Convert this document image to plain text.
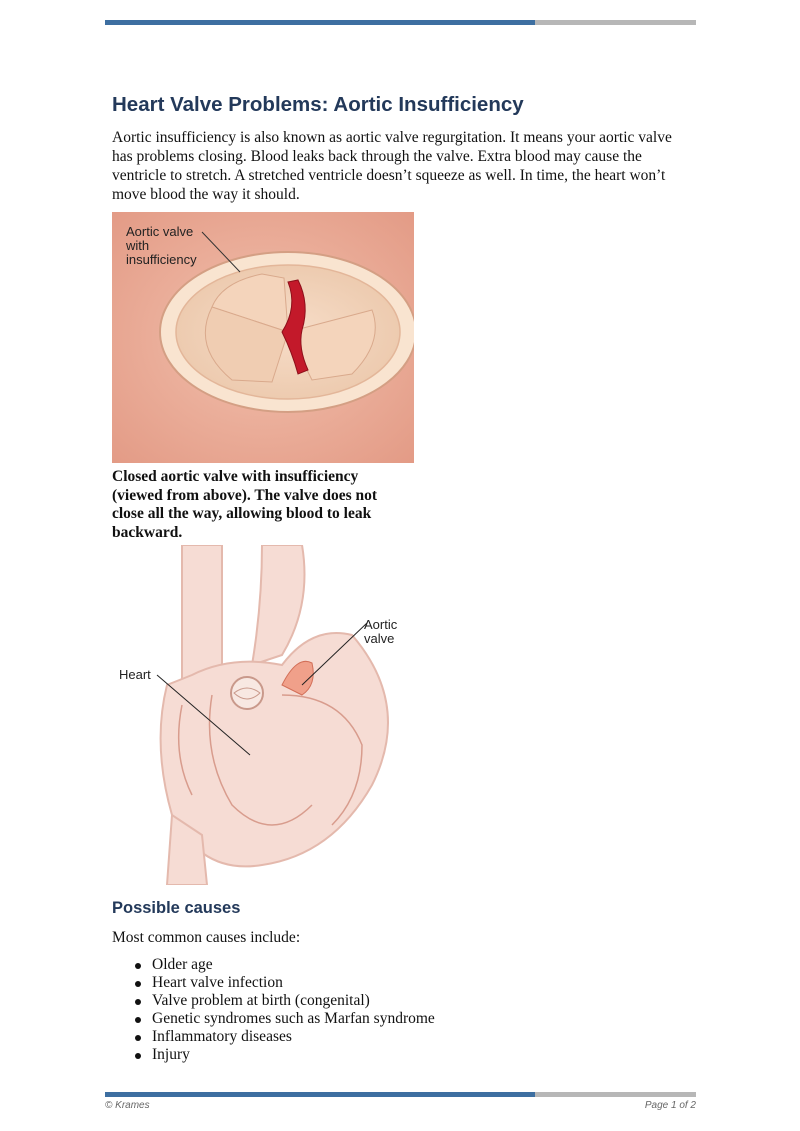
Heart Valve Problems: Aortic Insufficiency

Aortic insufficiency is also known as aortic valve regurgitation. It means your aortic valve has problems closing. Blood leaks back through the valve. Extra blood may cause the ventricle to stretch. A stretched ventricle doesn’t squeeze as well. In time, the heart won’t move blood the way it should.

Aortic valve
with
insufficiency

Closed aortic valve with insufficiency (viewed from above). The valve does not close all the way, allowing blood to leak backward.

Aortic
valve
Heart
Possible causes

Most common causes include:

Older age
Heart valve infection
Valve problem at birth (congenital)
Genetic syndromes such as Marfan syndrome
Inflammatory diseases
Injury
© Krames	Page 1 of 2
